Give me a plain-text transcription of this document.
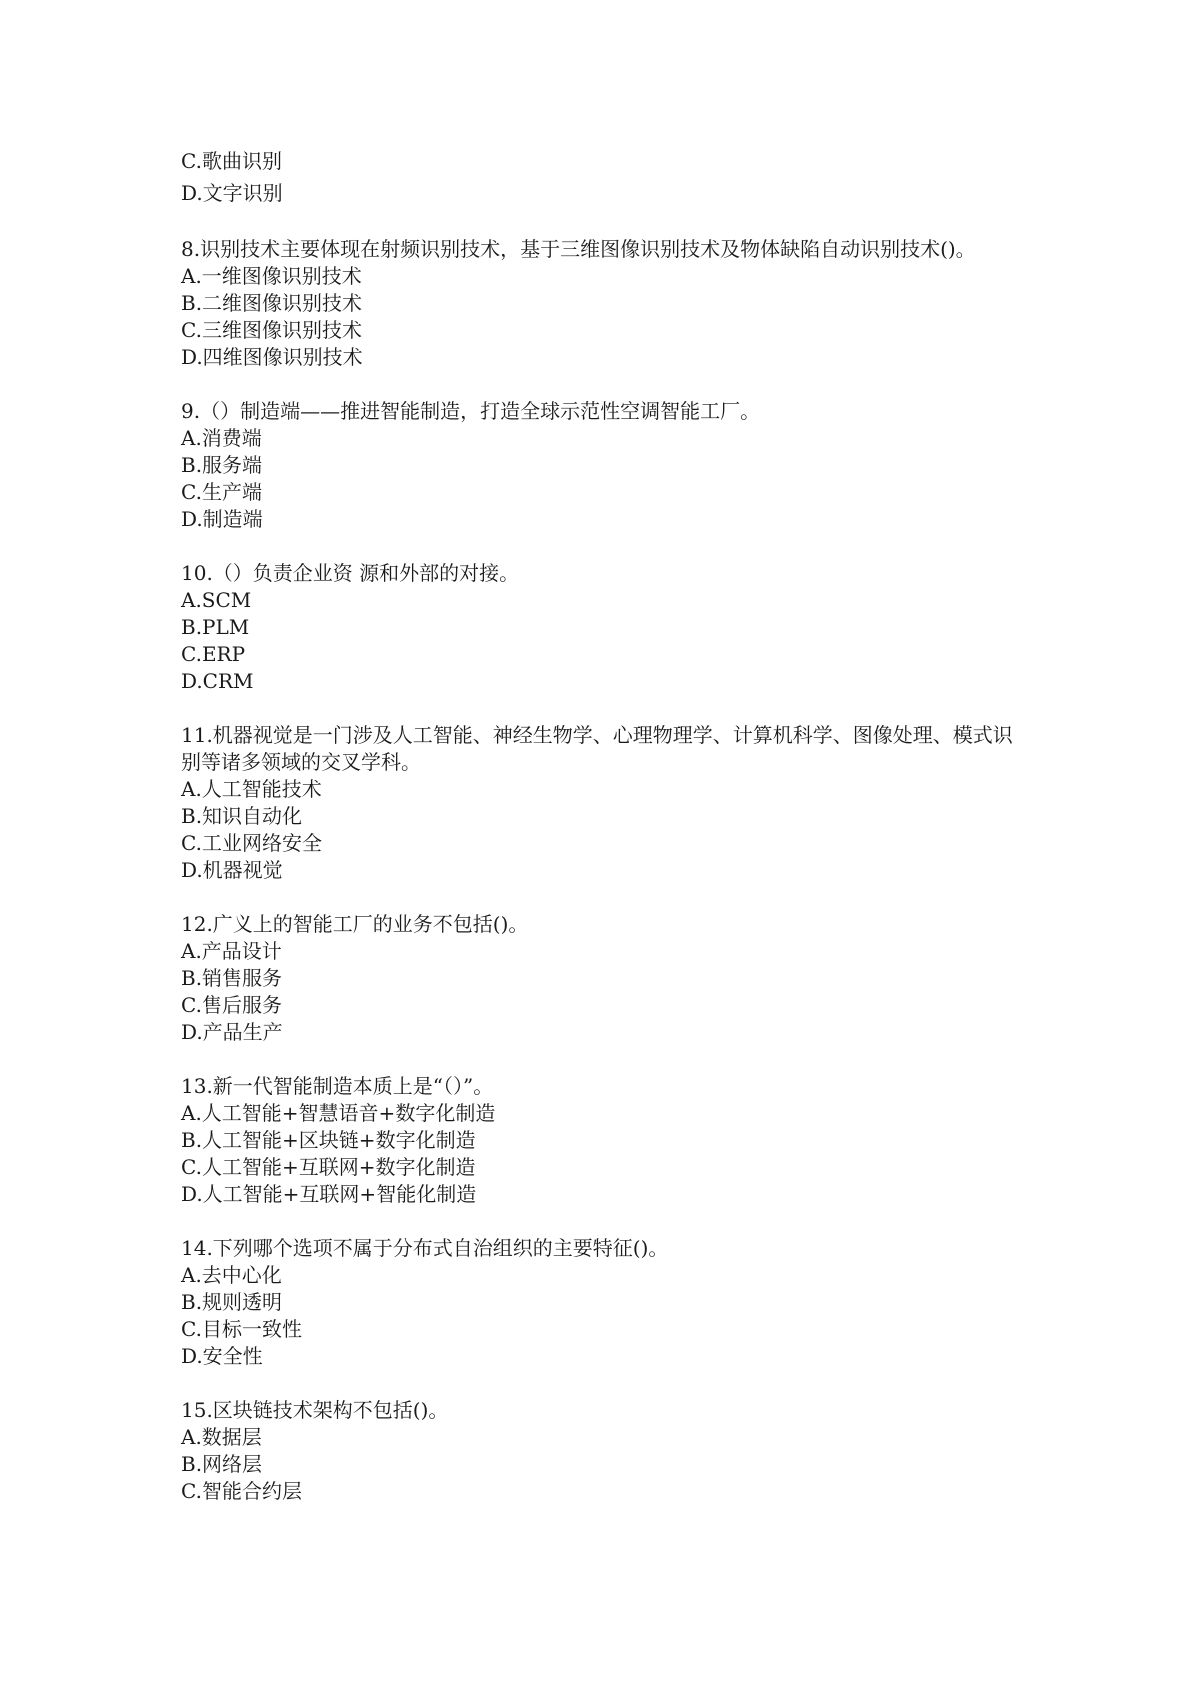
C.歌曲识别
D.文字识别
8.识别技术主要体现在射频识别技术，基于三维图像识别技术及物体缺陷自动识别技术()。
A.一维图像识别技术
B.二维图像识别技术
C.三维图像识别技术
D.四维图像识别技术
9.（）制造端——推进智能制造，打造全球示范性空调智能工厂。
A.消费端
B.服务端
C.生产端
D.制造端
10.（）负责企业资 源和外部的对接。
A.SCM
B.PLM
C.ERP
D.CRM
11.机器视觉是一门涉及人工智能、神经生物学、心理物理学、计算机科学、图像处理、模式识别等诸多领域的交叉学科。
A.人工智能技术
B.知识自动化
C.工业网络安全
D.机器视觉
12.广义上的智能工厂的业务不包括()。
A.产品设计
B.销售服务
C.售后服务
D.产品生产
13.新一代智能制造本质上是“（）”。
A.人工智能+智慧语音+数字化制造
B.人工智能+区块链+数字化制造
C.人工智能+互联网+数字化制造
D.人工智能+互联网+智能化制造
14.下列哪个选项不属于分布式自治组织的主要特征()。
A.去中心化
B.规则透明
C.目标一致性
D.安全性
15.区块链技术架构不包括()。
A.数据层
B.网络层
C.智能合约层
